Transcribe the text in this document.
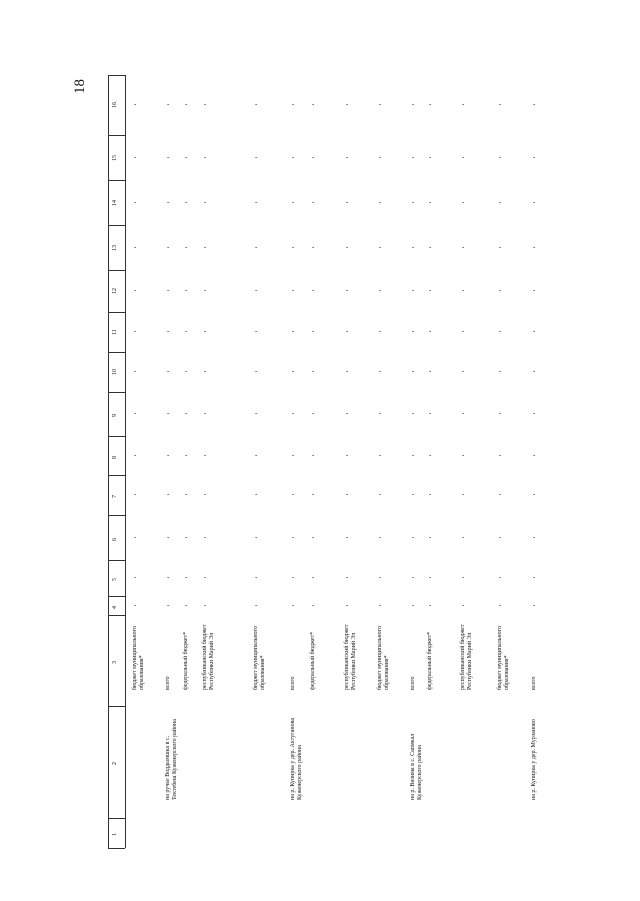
18
1
2
3
4
5
6
7
8
9
10
11
12
13
14
15
16
бюджет муниципального образования*
-
-
-
-
-
-
-
-
-
-
-
-
-
на ручье Воддымшка в с. Тектебеш Куженерского района
всего
-
-
-
-
-
-
-
-
-
-
-
-
-
федеральный бюджет*
-
-
-
-
-
-
-
-
-
-
-
-
-
республиканский бюджет Республики Марий Эл
-
-
-
-
-
-
-
-
-
-
-
-
-
бюджет муниципального образования*
-
-
-
-
-
-
-
-
-
-
-
-
-
на р. Купирка у дер. Актуганова Куженерского района
всего
-
-
-
-
-
-
-
-
-
-
-
-
-
федеральный бюджет*
-
-
-
-
-
-
-
-
-
-
-
-
-
республиканский бюджет Республики Марий Эл
-
-
-
-
-
-
-
-
-
-
-
-
-
бюджет муниципального образования*
-
-
-
-
-
-
-
-
-
-
-
-
-
на р. Визима в с. Сапмкал Куженерского района
всего
-
-
-
-
-
-
-
-
-
-
-
-
-
федеральный бюджет*
-
-
-
-
-
-
-
-
-
-
-
-
-
республиканский бюджет Республики Марий Эл
-
-
-
-
-
-
-
-
-
-
-
-
-
бюджет муниципального образования*
-
-
-
-
-
-
-
-
-
-
-
-
-
на р. Купирка у дер. Мурзаново
всего
-
-
-
-
-
-
-
-
-
-
-
-
-
